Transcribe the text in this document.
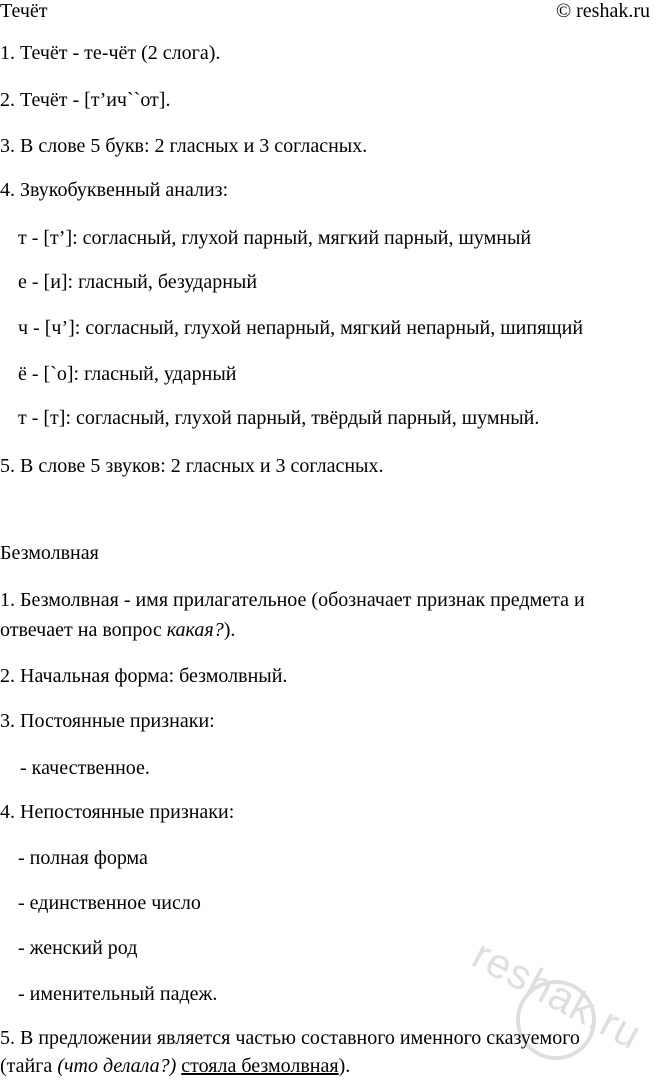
Течёт	© reshak.ru
1. Течёт - те-чёт (2 слога).
2. Течёт - [т’ич``от].
3. В слове 5 букв: 2 гласных и 3 согласных.
4. Звукобуквенный анализ:
т - [т’]: согласный, глухой парный, мягкий парный, шумный
е - [и]: гласный, безударный
ч - [ч’]: согласный, глухой непарный, мягкий непарный, шипящий
ё - [`о]: гласный, ударный
т - [т]: согласный, глухой парный, твёрдый парный, шумный.
5. В слове 5 звуков: 2 гласных и 3 согласных.
Безмолвная
1. Безмолвная - имя прилагательное (обозначает признак предмета и
отвечает на вопрос какая?).
2. Начальная форма: безмолвный.
3. Постоянные признаки:
- качественное.
4. Непостоянные признаки:
- полная форма
- единственное число
- женский род
- именительный падеж.
5. В предложении является частью составного именного сказуемого
(тайга (что делала?) стояла безмолвная).
reshak.ru
